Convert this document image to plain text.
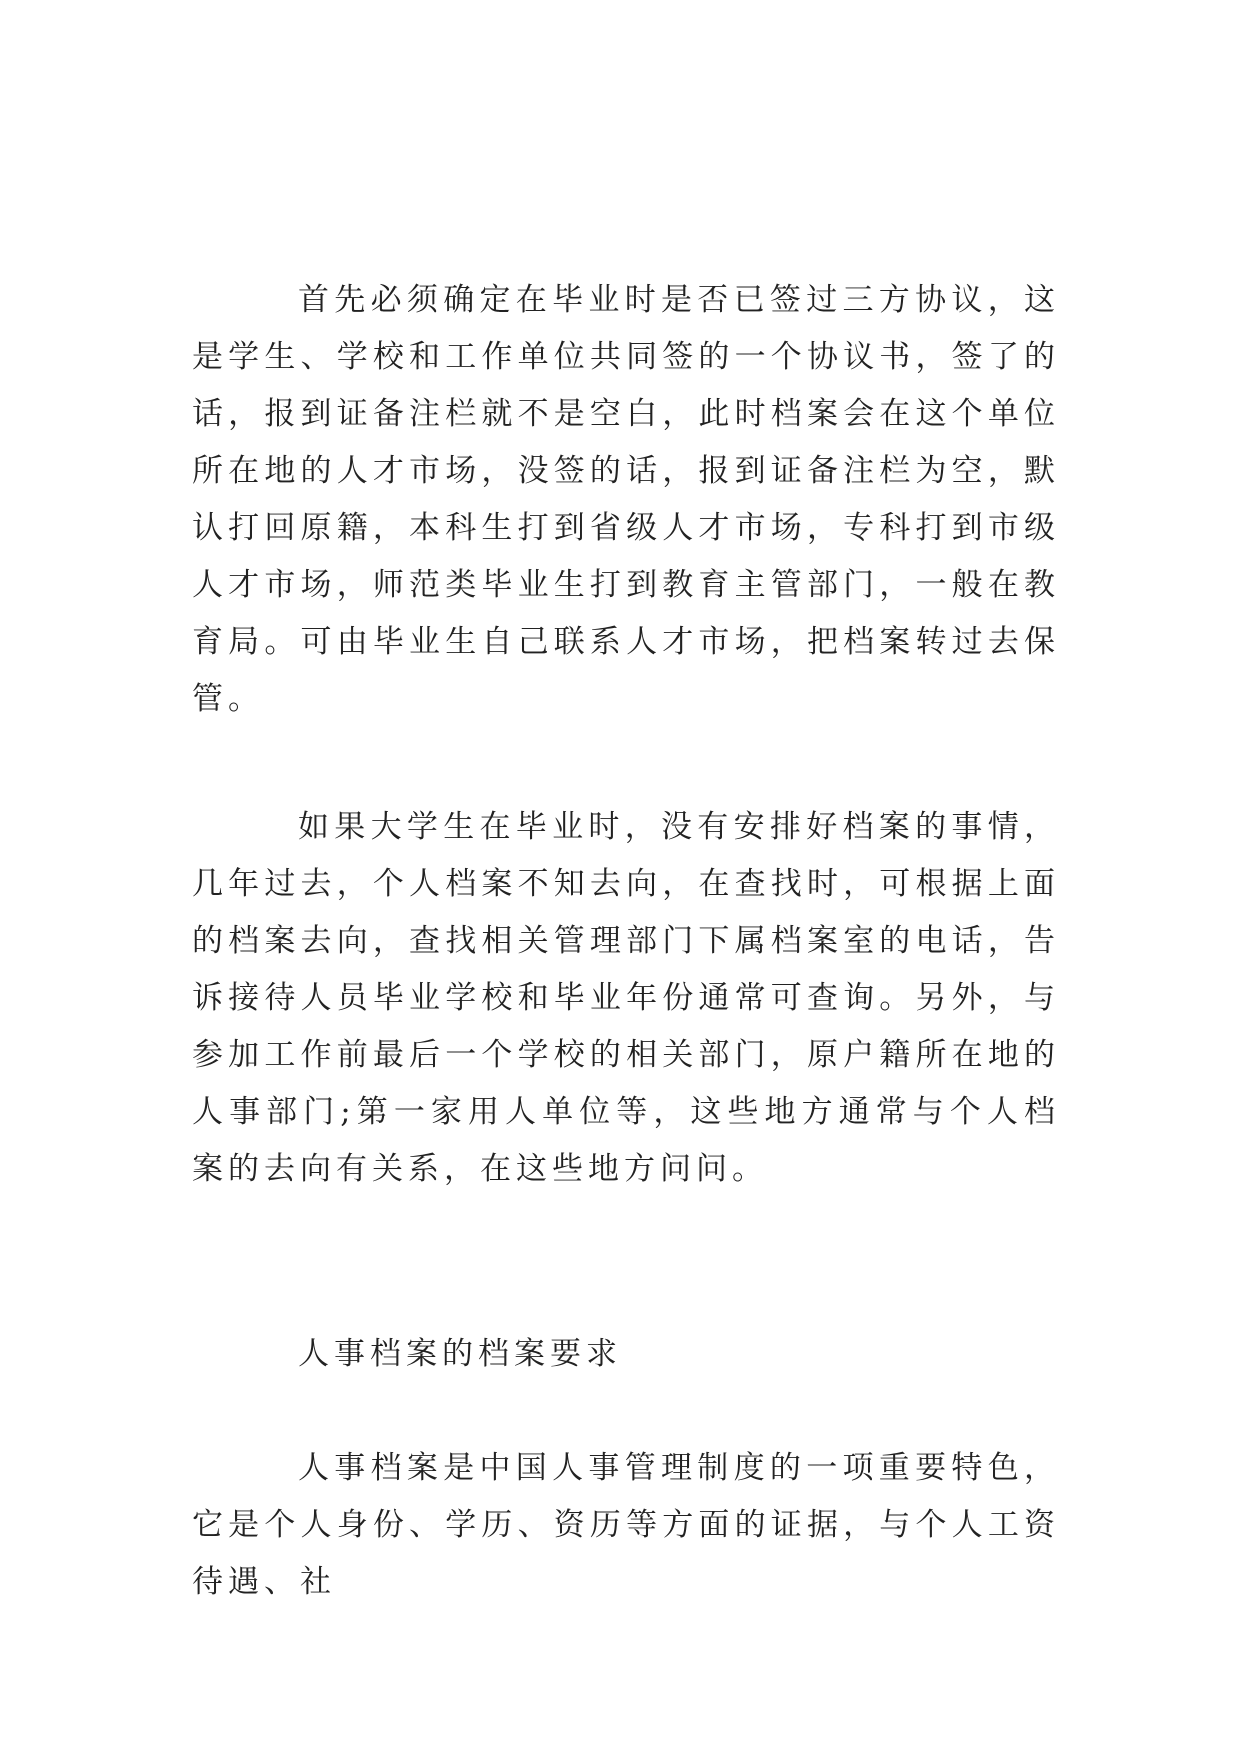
首先必须确定在毕业时是否已签过三方协议，这是学生、学校和工作单位共同签的一个协议书，签了的话，报到证备注栏就不是空白，此时档案会在这个单位所在地的人才市场，没签的话，报到证备注栏为空，默认打回原籍，本科生打到省级人才市场，专科打到市级人才市场，师范类毕业生打到教育主管部门，一般在教育局。可由毕业生自己联系人才市场，把档案转过去保管。

如果大学生在毕业时，没有安排好档案的事情，几年过去，个人档案不知去向，在查找时，可根据上面的档案去向，查找相关管理部门下属档案室的电话，告诉接待人员毕业学校和毕业年份通常可查询。另外，与参加工作前最后一个学校的相关部门，原户籍所在地的人事部门;第一家用人单位等，这些地方通常与个人档案的去向有关系，在这些地方问问。

人事档案的档案要求

人事档案是中国人事管理制度的一项重要特色，它是个人身份、学历、资历等方面的证据，与个人工资待遇、社
